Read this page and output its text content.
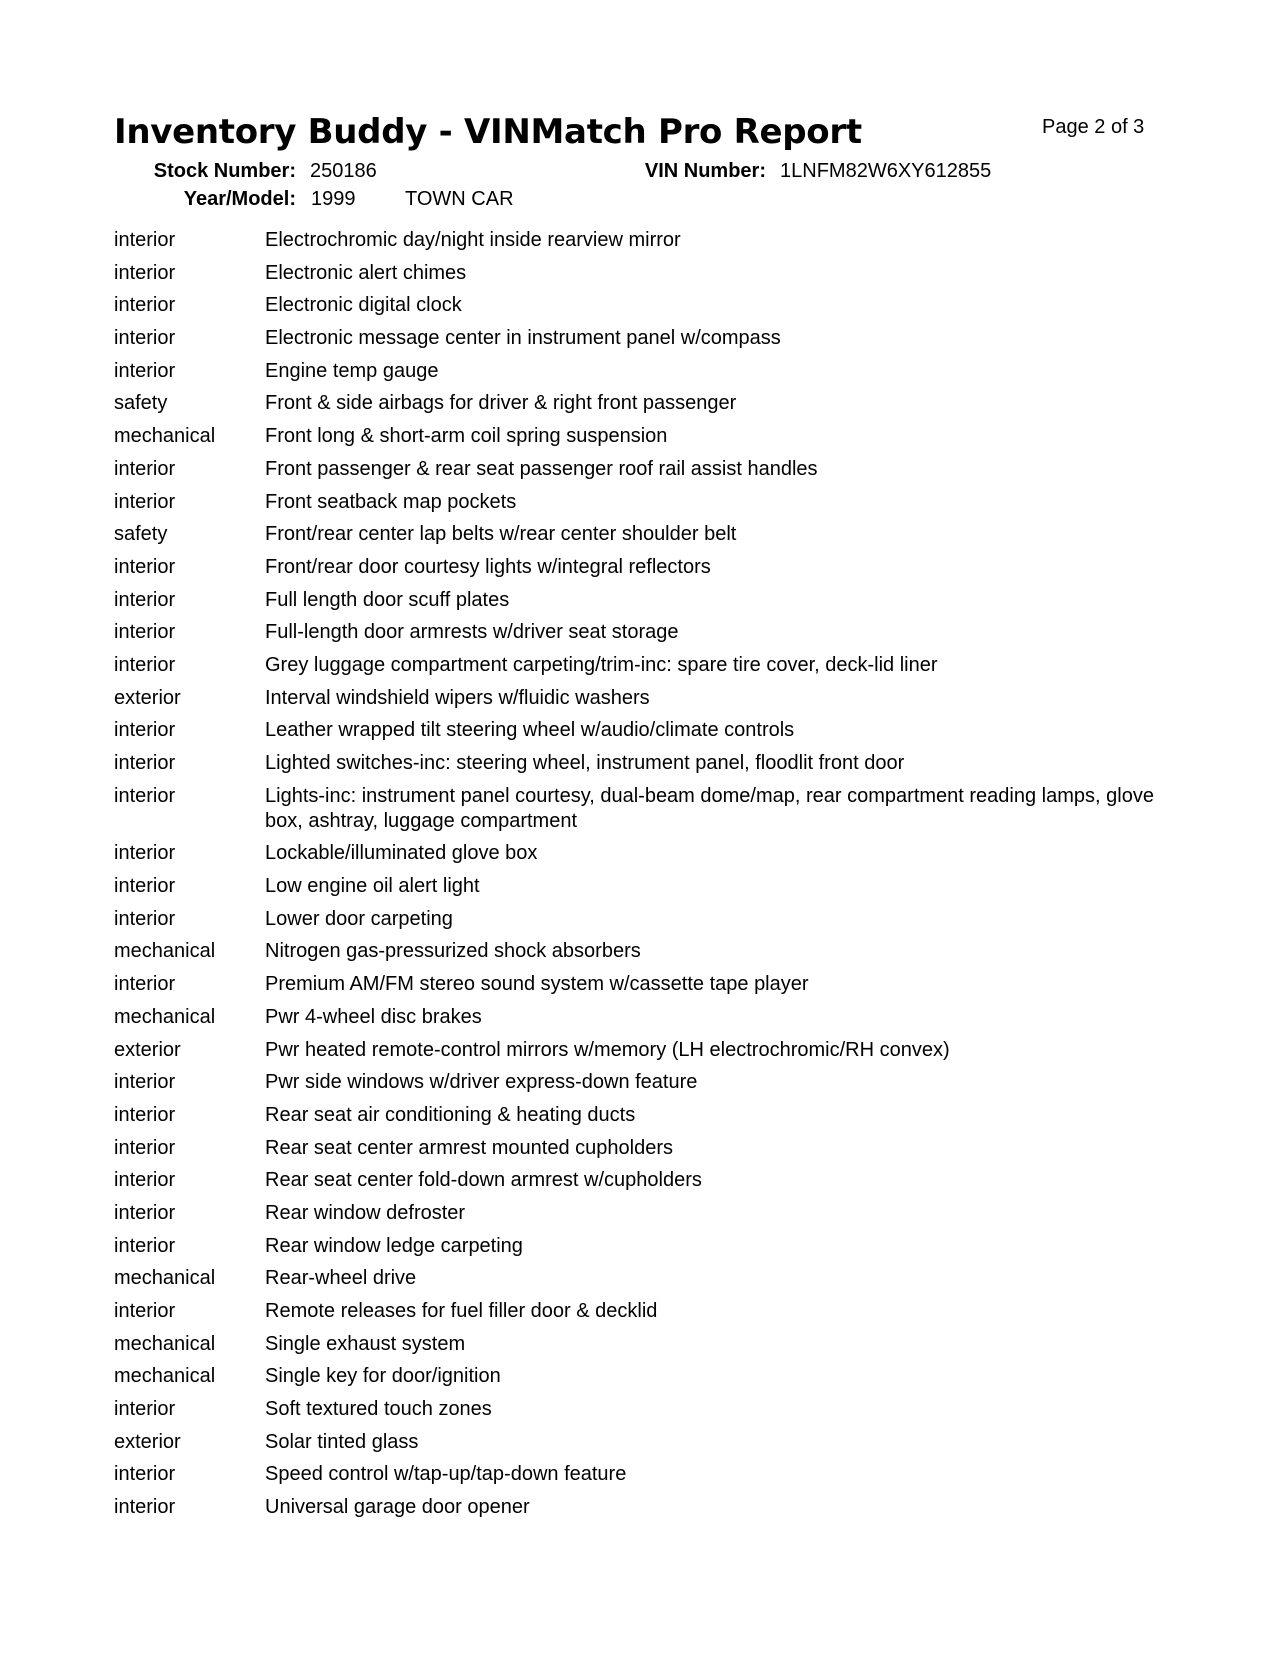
Inventory Buddy - VINMatch Pro Report	Page 2 of 3
Stock Number: 250186	VIN Number: 1LNFM82W6XY612855
Year/Model: 1999 TOWN CAR
interior	Electrochromic day/night inside rearview mirror
interior	Electronic alert chimes
interior	Electronic digital clock
interior	Electronic message center in instrument panel w/compass
interior	Engine temp gauge
safety	Front & side airbags for driver & right front passenger
mechanical	Front long & short-arm coil spring suspension
interior	Front passenger & rear seat passenger roof rail assist handles
interior	Front seatback map pockets
safety	Front/rear center lap belts w/rear center shoulder belt
interior	Front/rear door courtesy lights w/integral reflectors
interior	Full length door scuff plates
interior	Full-length door armrests w/driver seat storage
interior	Grey luggage compartment carpeting/trim-inc: spare tire cover, deck-lid liner
exterior	Interval windshield wipers w/fluidic washers
interior	Leather wrapped tilt steering wheel w/audio/climate controls
interior	Lighted switches-inc: steering wheel, instrument panel, floodlit front door
interior	Lights-inc: instrument panel courtesy, dual-beam dome/map, rear compartment reading lamps, glove box, ashtray, luggage compartment
interior	Lockable/illuminated glove box
interior	Low engine oil alert light
interior	Lower door carpeting
mechanical	Nitrogen gas-pressurized shock absorbers
interior	Premium AM/FM stereo sound system w/cassette tape player
mechanical	Pwr 4-wheel disc brakes
exterior	Pwr heated remote-control mirrors w/memory (LH electrochromic/RH convex)
interior	Pwr side windows w/driver express-down feature
interior	Rear seat air conditioning & heating ducts
interior	Rear seat center armrest mounted cupholders
interior	Rear seat center fold-down armrest w/cupholders
interior	Rear window defroster
interior	Rear window ledge carpeting
mechanical	Rear-wheel drive
interior	Remote releases for fuel filler door & decklid
mechanical	Single exhaust system
mechanical	Single key for door/ignition
interior	Soft textured touch zones
exterior	Solar tinted glass
interior	Speed control w/tap-up/tap-down feature
interior	Universal garage door opener
